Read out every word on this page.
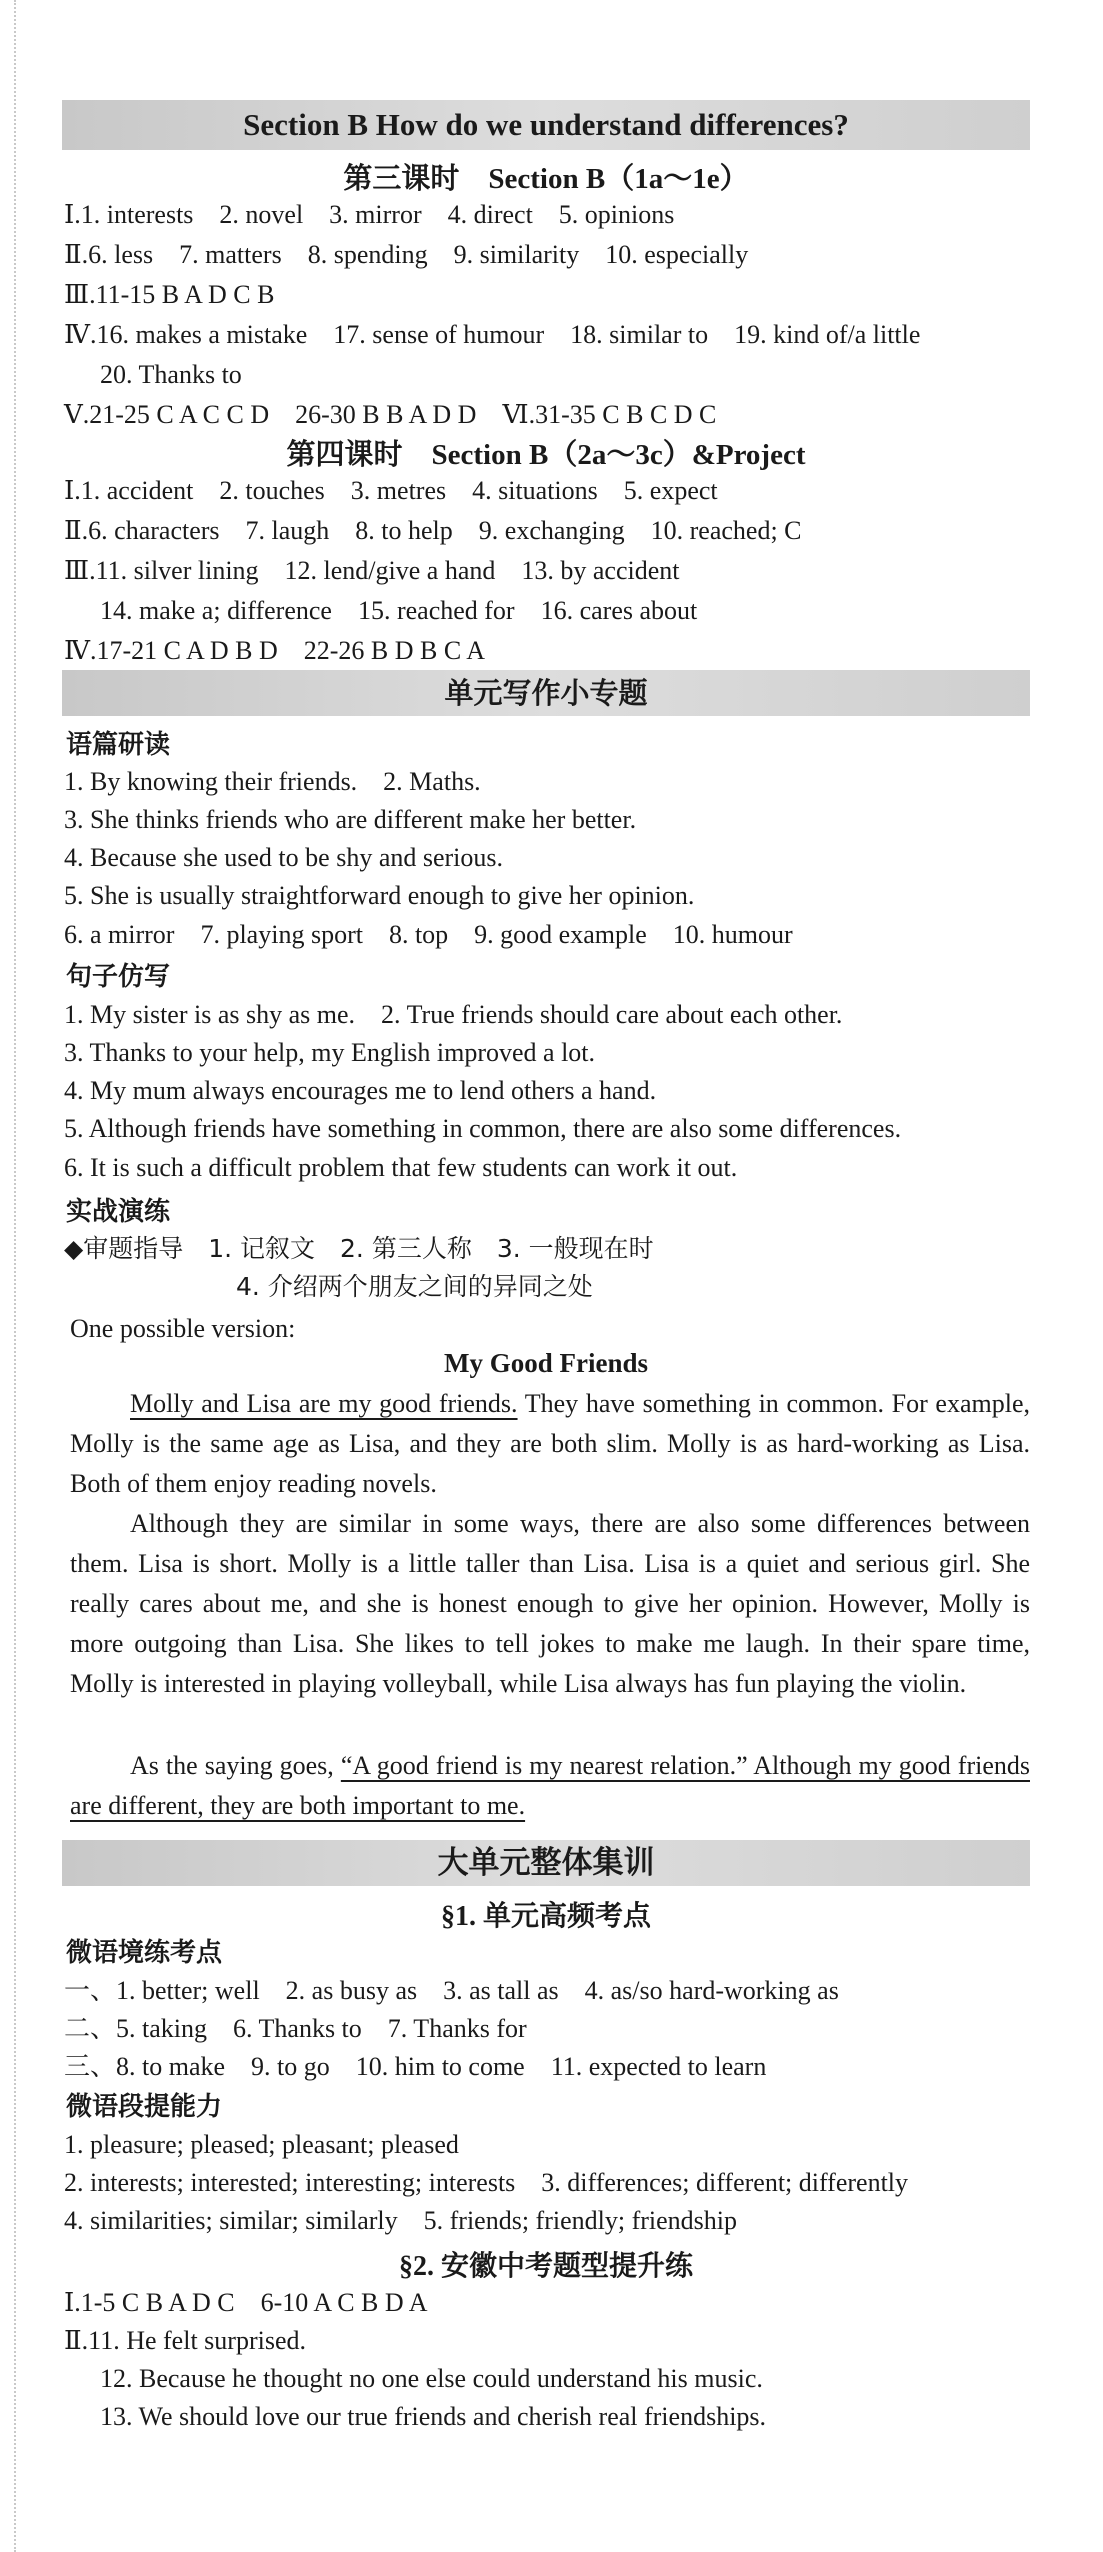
Section B How do we understand differences?
第三课时　Section B（1a～1e）
Ⅰ.1. interests　2. novel　3. mirror　4. direct　5. opinions
Ⅱ.6. less　7. matters　8. spending　9. similarity　10. especially
Ⅲ.11-15 B A D C B
Ⅳ.16. makes a mistake　17. sense of humour　18. similar to　19. kind of/a little
20. Thanks to
Ⅴ.21-25 C A C C D　26-30 B B A D D　Ⅵ.31-35 C B C D C
第四课时　Section B（2a～3c）&Project
Ⅰ.1. accident　2. touches　3. metres　4. situations　5. expect
Ⅱ.6. characters　7. laugh　8. to help　9. exchanging　10. reached; C
Ⅲ.11. silver lining　12. lend/give a hand　13. by accident
14. make a; difference　15. reached for　16. cares about
Ⅳ.17-21 C A D B D　22-26 B D B C A
单元写作小专题
语篇研读
1. By knowing their friends.　2. Maths.
3. She thinks friends who are different make her better.
4. Because she used to be shy and serious.
5. She is usually straightforward enough to give her opinion.
6. a mirror　7. playing sport　8. top　9. good example　10. humour
句子仿写
1. My sister is as shy as me.　2. True friends should care about each other.
3. Thanks to your help, my English improved a lot.
4. My mum always encourages me to lend others a hand.
5. Although friends have something in common, there are also some differences.
6. It is such a difficult problem that few students can work it out.
实战演练
◆审题指导　1. 记叙文　2. 第三人称　3. 一般现在时
4. 介绍两个朋友之间的异同之处
One possible version:
My Good Friends
Molly and Lisa are my good friends. They have something in common. For example, Molly is the same age as Lisa, and they are both slim. Molly is as hard-working as Lisa. Both of them enjoy reading novels.
Although they are similar in some ways, there are also some differences between them. Lisa is short. Molly is a little taller than Lisa. Lisa is a quiet and serious girl. She really cares about me, and she is honest enough to give her opinion. However, Molly is more outgoing than Lisa. She likes to tell jokes to make me laugh. In their spare time, Molly is interested in playing volleyball, while Lisa always has fun playing the violin.
As the saying goes, “A good friend is my nearest relation.” Although my good friends are different, they are both important to me.
大单元整体集训
§1. 单元高频考点
微语境练考点
一、1. better; well　2. as busy as　3. as tall as　4. as/so hard-working as
二、5. taking　6. Thanks to　7. Thanks for
三、8. to make　9. to go　10. him to come　11. expected to learn
微语段提能力
1. pleasure; pleased; pleasant; pleased
2. interests; interested; interesting; interests　3. differences; different; differently
4. similarities; similar; similarly　5. friends; friendly; friendship
§2. 安徽中考题型提升练
Ⅰ.1-5 C B A D C　6-10 A C B D A
Ⅱ.11. He felt surprised.
12. Because he thought no one else could understand his music.
13. We should love our true friends and cherish real friendships.
